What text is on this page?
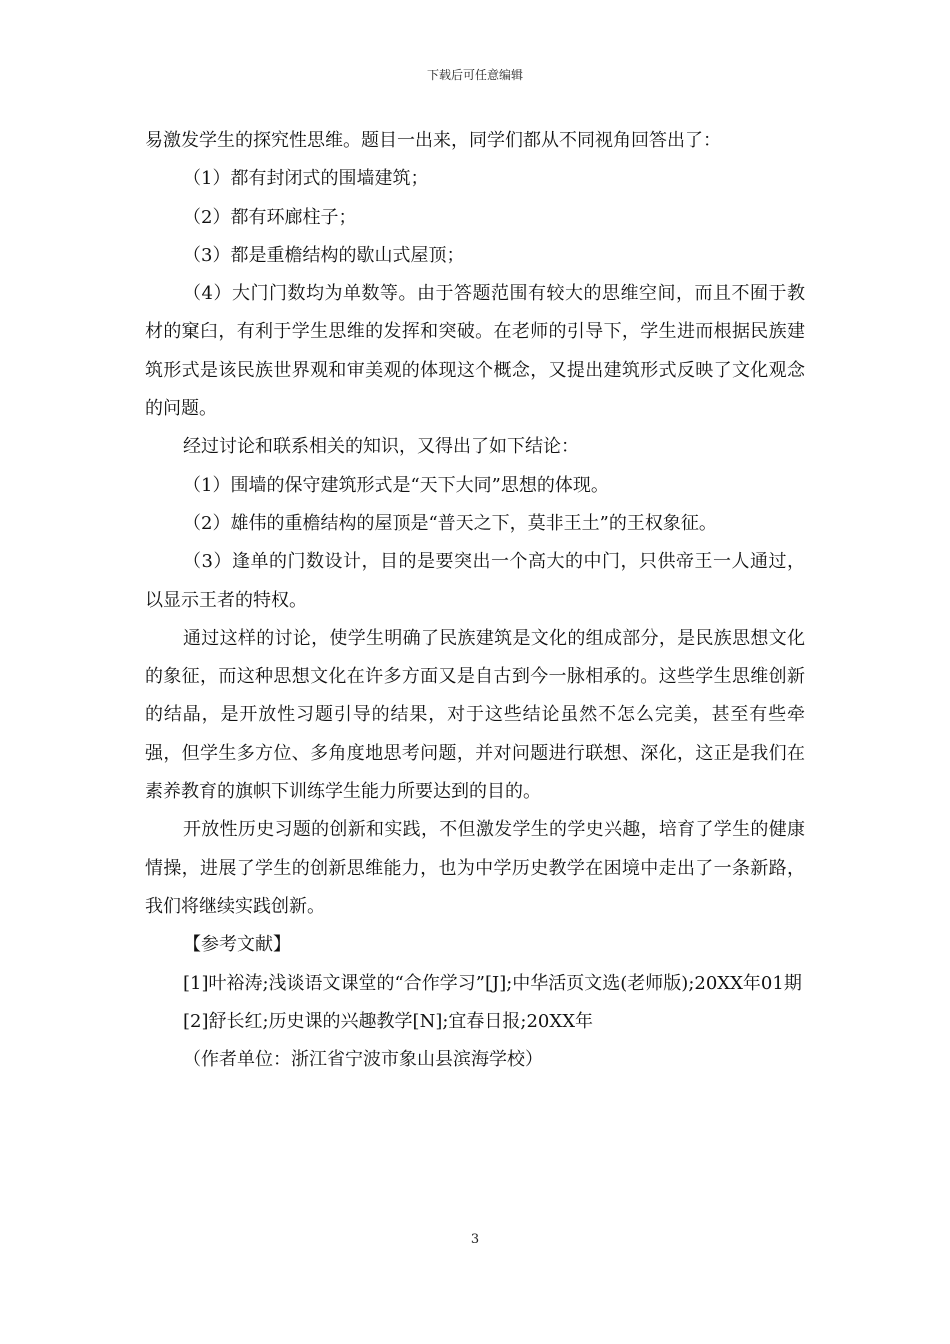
下载后可任意编辑

易激发学生的探究性思维。题目一出来，同学们都从不同视角回答出了：

（1）都有封闭式的围墙建筑；

（2）都有环廊柱子；

（3）都是重檐结构的歇山式屋顶；

（4）大门门数均为单数等。由于答题范围有较大的思维空间，而且不囿于教材的窠臼，有利于学生思维的发挥和突破。在老师的引导下，学生进而根据民族建筑形式是该民族世界观和审美观的体现这个概念，又提出建筑形式反映了文化观念的问题。

经过讨论和联系相关的知识，又得出了如下结论：

（1）围墙的保守建筑形式是“天下大同”思想的体现。

（2）雄伟的重檐结构的屋顶是“普天之下，莫非王土”的王权象征。

（3）逢单的门数设计，目的是要突出一个高大的中门，只供帝王一人通过，以显示王者的特权。

通过这样的讨论，使学生明确了民族建筑是文化的组成部分，是民族思想文化的象征，而这种思想文化在许多方面又是自古到今一脉相承的。这些学生思维创新的结晶，是开放性习题引导的结果，对于这些结论虽然不怎么完美，甚至有些牵强，但学生多方位、多角度地思考问题，并对问题进行联想、深化，这正是我们在素养教育的旗帜下训练学生能力所要达到的目的。

开放性历史习题的创新和实践，不但激发学生的学史兴趣，培育了学生的健康情操，进展了学生的创新思维能力，也为中学历史教学在困境中走出了一条新路，我们将继续实践创新。

【参考文献】

[1]叶裕涛;浅谈语文课堂的“合作学习”[J];中华活页文选(老师版);20XX年01期

[2]舒长红;历史课的兴趣教学[N];宜春日报;20XX年

（作者单位：浙江省宁波市象山县滨海学校）

3
